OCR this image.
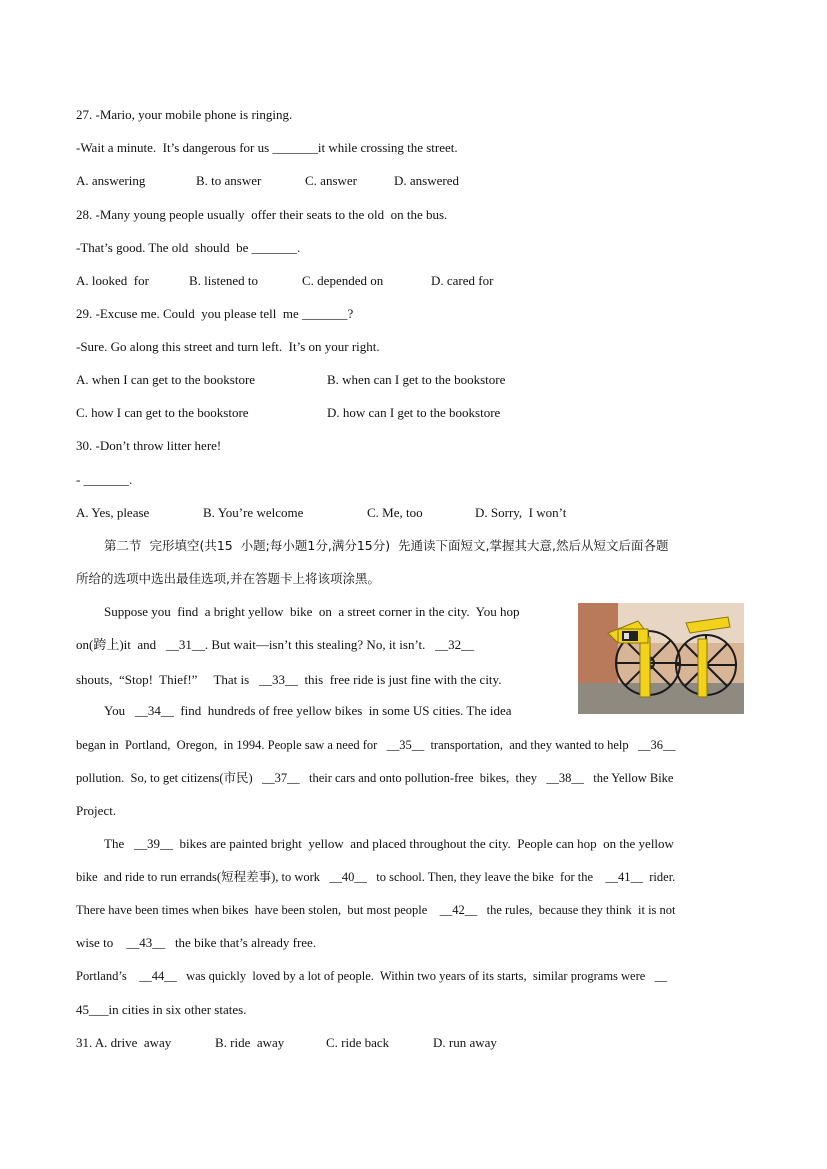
27. -Mario, your mobile phone is ringing.
-Wait a minute.  It’s dangerous for us _______it while crossing the street.
A. answering	B. to answer	C. answer	D. answered
28. -Many young people usually  offer their seats to the old  on the bus.
-That’s good. The old  should  be _______.
A. looked  for	B. listened to	C. depended on	D. cared for
29. -Excuse me. Could  you please tell  me _______?
-Sure. Go along this street and turn left.  It’s on your right.
A. when I can get to the bookstore	B. when can I get to the bookstore
C. how I can get to the bookstore	D. how can I get to the bookstore
30. -Don’t throw litter here!
- _______.
A. Yes, please	B. You’re welcome	C. Me, too	D. Sorry,  I won’t
第二节  完形填空(共15  小题;每小题1分,满分15分)  先通读下面短文,掌握其大意,然后从短文后面各题
所给的选项中选出最佳选项,并在答题卡上将该项涂黑。
Suppose you  find  a bright yellow  bike  on  a street corner in the city.  You hop
on(跨上)it  and   __31__. But wait—isn’t this stealing? No, it isn’t.   __32__
shouts,  “Stop!  Thief!”     That is   __33__  this  free ride is just fine with the city.
You   __34__  find  hundreds of free yellow bikes  in some US cities. The idea
began in  Portland,  Oregon,  in 1994. People saw a need for   __35__  transportation,  and they wanted to help   __36__
pollution.  So, to get citizens(市民)   __37__   their cars and onto pollution-free  bikes,  they   __38__   the Yellow Bike
Project.
The   __39__  bikes are painted bright  yellow  and placed throughout the city.  People can hop  on the yellow
bike  and ride to run errands(短程差事), to work   __40__   to school. Then, they leave the bike  for the    __41__  rider.
There have been times when bikes  have been stolen,  but most people    __42__   the rules,  because they think  it is not
wise to    __43__   the bike that’s already free.
Portland’s    __44__   was quickly  loved by a lot of people.  Within two years of its starts,  similar programs were   __
45___in cities in six other states.
31. A. drive  away	B. ride  away	C. ride back	D. run away
